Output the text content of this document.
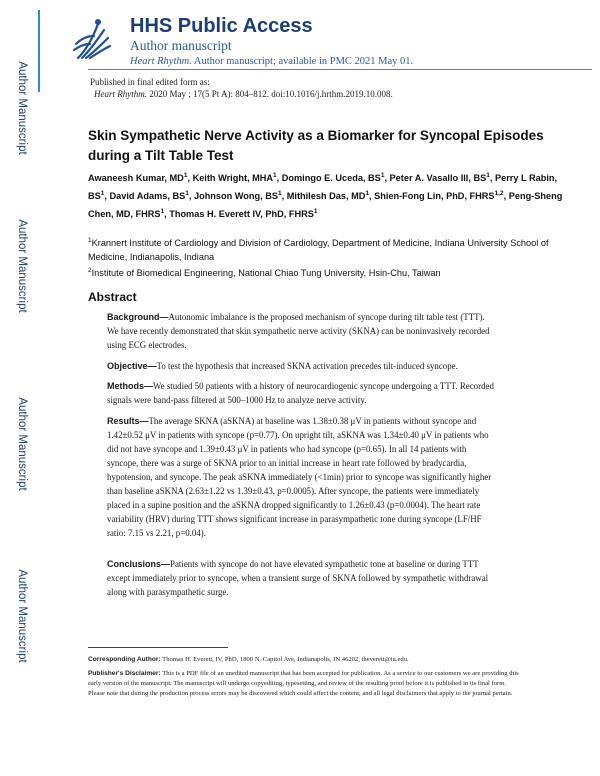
Author Manuscript
Author Manuscript
Author Manuscript
Author Manuscript
HHS Public Access
Author manuscript
Heart Rhythm. Author manuscript; available in PMC 2021 May 01.
Published in final edited form as:
Heart Rhythm. 2020 May ; 17(5 Pt A): 804–812. doi:10.1016/j.hrthm.2019.10.008.
Skin Sympathetic Nerve Activity as a Biomarker for Syncopal Episodes during a Tilt Table Test
Awaneesh Kumar, $MD^1$, Keith Wright, MHA$^1$, Domingo E. Uceda, $BS^1$, Peter A. Vasallo III, $BS^1$, Perry L Rabin, $BS^1$, David Adams, $BS^1$, Johnson Wong, $BS^1$, Mithilesh Das, $MD^1$, Shien-Fong Lin, PhD, FHRS$^{1,2}$, Peng-Sheng Chen, MD, FHRS$^1$, Thomas H. Everett IV, PhD, FHRS$^1$
$^1$Krannert Institute of Cardiology and Division of Cardiology, Department of Medicine, Indiana University School of Medicine, Indianapolis, Indiana
$^2$Institute of Biomedical Engineering, National Chiao Tung University, Hsin-Chu, Taiwan
Abstract
Background—Autonomic imbalance is the proposed mechanism of syncope during tilt table test (TTT). We have recently demonstrated that skin sympathetic nerve activity (SKNA) can be noninvasively recorded using ECG electrodes.
Objective—To test the hypothesis that increased SKNA activation precedes tilt-induced syncope.
Methods—We studied 50 patients with a history of neurocardiogenic syncope undergoing a TTT. Recorded signals were band-pass filtered at 500–1000 Hz to analyze nerve activity.
Results—The average SKNA (aSKNA) at baseline was 1.38±0.38 μV in patients without syncope and 1.42±0.52 μV in patients with syncope (p=0.77). On upright tilt, aSKNA was 1.34±0.40 μV in patients who did not have syncope and 1.39±0.43 μV in patients who had syncope (p=0.65). In all 14 patients with syncope, there was a surge of SKNA prior to an initial increase in heart rate followed by bradycardia, hypotension, and syncope. The peak aSKNA immediately (<1min) prior to syncope was significantly higher than baseline aSKNA (2.63±1.22 vs 1.39±0.43, p=0.0005). After syncope, the patients were immediately placed in a supine position and the aSKNA dropped significantly to 1.26±0.43 (p=0.0004). The heart rate variability (HRV) during TTT shows significant increase in parasympathetic tone during syncope (LF/HF ratio: 7.15 vs 2.21, p=0.04).
Conclusions—Patients with syncope do not have elevated sympathetic tone at baseline or during TTT except immediately prior to syncope, when a transient surge of SKNA followed by sympathetic withdrawal along with parasympathetic surge.
Corresponding Author: Thomas H. Everett, IV, PhD, 1800 N. Capitol Ave, Indianapolis, IN 46202, theverett@iu.edu.
Publisher's Disclaimer: This is a PDF file of an unedited manuscript that has been accepted for publication. As a service to our customers we are providing this early version of the manuscript. The manuscript will undergo copyediting, typesetting, and review of the resulting proof before it is published in its final form. Please note that during the production process errors may be discovered which could affect the content, and all legal disclaimers that apply to the journal pertain.
